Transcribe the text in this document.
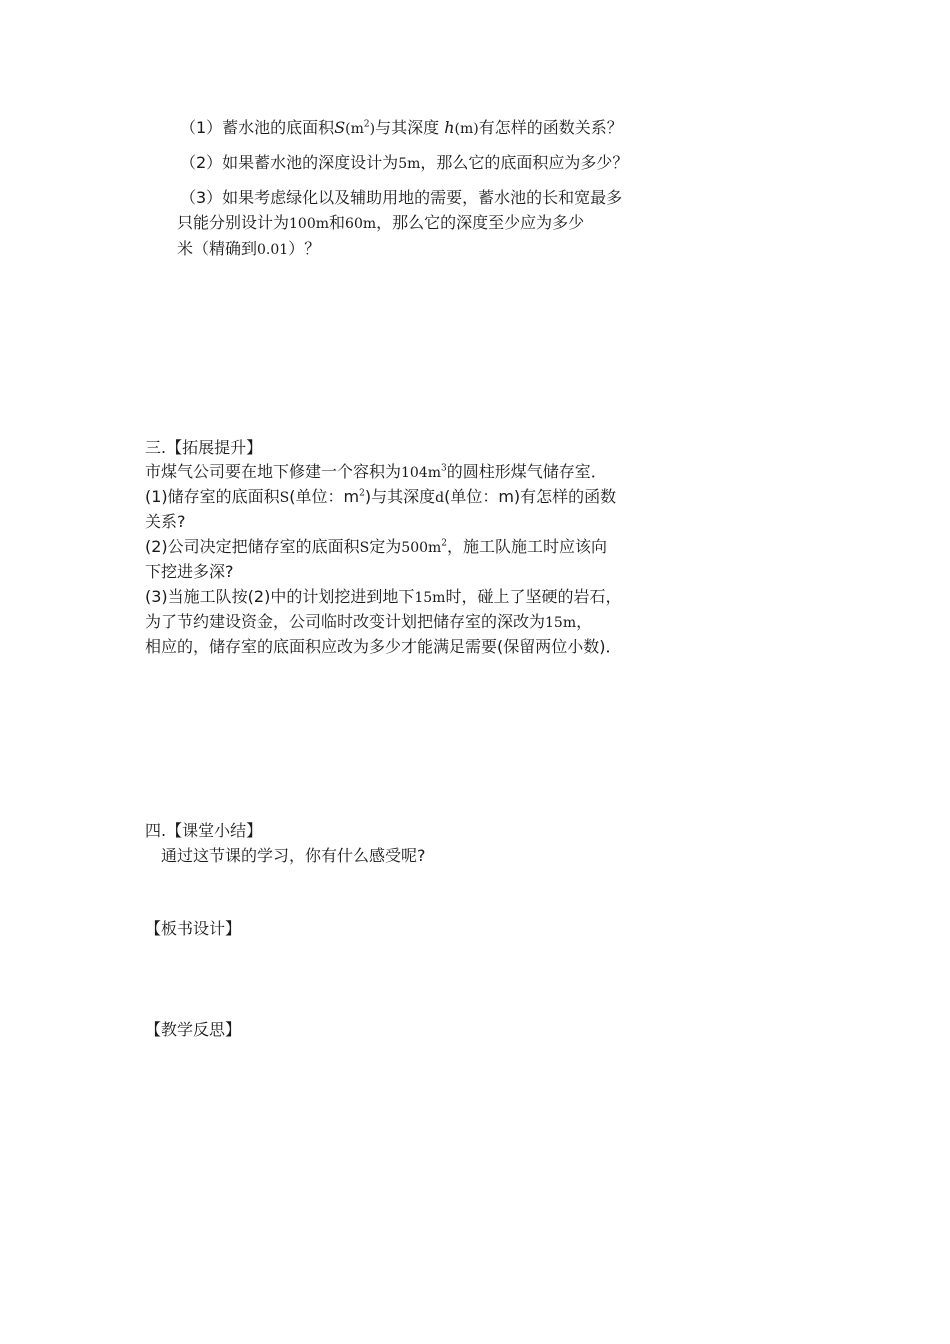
（1）蓄水池的底面积$S(m^2)$与其深度 h(m)有怎样的函数关系？
（2）如果蓄水池的深度设计为5m，那么它的底面积应为多少？
（3）如果考虑绿化以及辅助用地的需要，蓄水池的长和宽最多
只能分别设计为100m和60m，那么它的深度至少应为多少
米（精确到0.01）？
三.【拓展提升】
市煤气公司要在地下修建一个容积为$104m^3$的圆柱形煤气储存室．
(1)储存室的底面积S(单位：$m^2$)与其深度d(单位：m)有怎样的函数
关系?
(2)公司决定把储存室的底面积S定为$500m^2$，施工队施工时应该向
下挖进多深?
(3)当施工队按(2)中的计划挖进到地下15m时，碰上了坚硬的岩石，
为了节约建设资金，公司临时改变计划把储存室的深改为15m，
相应的，储存室的底面积应改为多少才能满足需要(保留两位小数)．
四.【课堂小结】
通过这节课的学习，你有什么感受呢?
【板书设计】
【教学反思】
